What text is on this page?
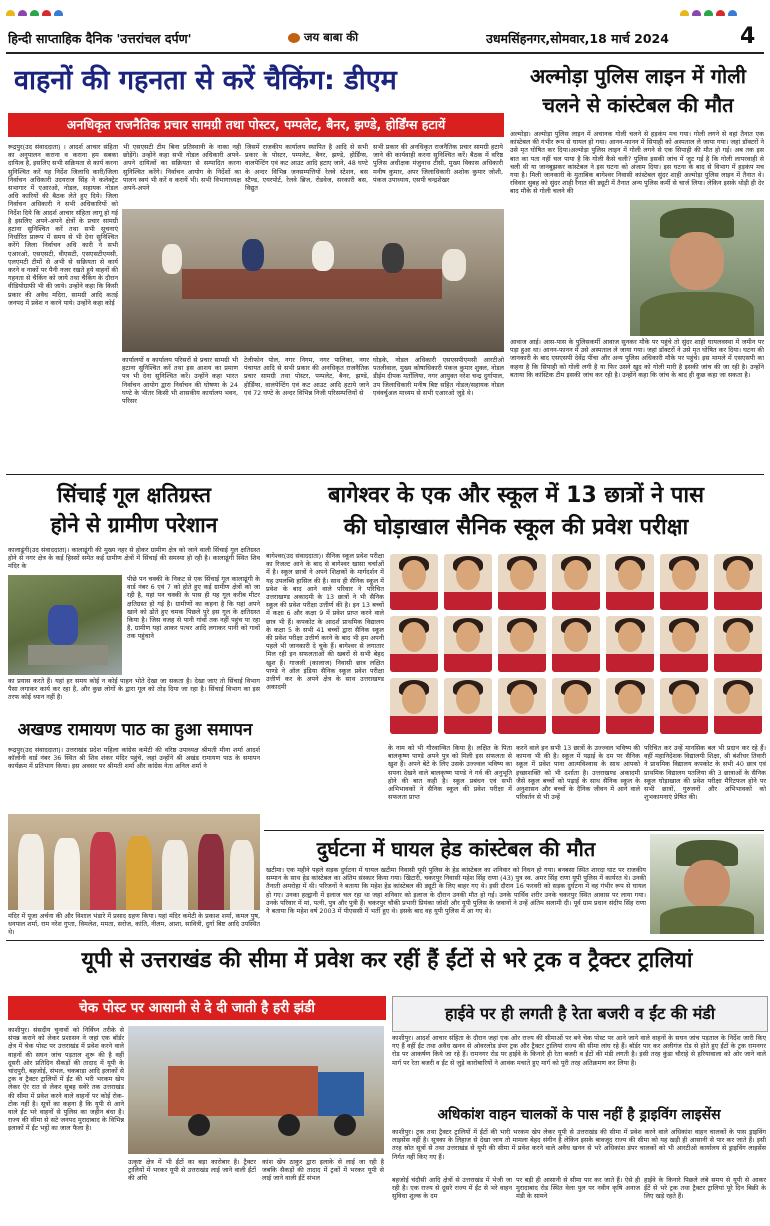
हिन्दी साप्ताहिक दैनिक 'उत्तरांचल दर्पण'	जय बाबा की	उधमसिंहनगर,सोमवार,18 मार्च 2024	4
वाहनों की गहनता से करें चैकिंग: डीएम
अनधिकृत राजनैतिक प्रचार सामग्री तथा पोस्टर, पम्पलेट, बैनर, झण्डे, होर्डिंग्स हटायें
रूद्रपुर(उद संवाददाता) । आदर्श आचार संहिता का अनुपालन कराना व कराना हम सबका दायित्व है, इसलिए सभी सक्रियता से कार्य करना सुनिश्चित करें यह निर्देश जिलाधि कारी/जिला निर्वाचन अधिकारी उदयराज सिंह ने कलेक्ट्रेट सभागार में एआरओ, नोडल, सहायक नोडल अधि कारियों की बैठक लेते हुए दिये। जिला निर्वाचन अधिकारी ने सभी अधिकारियों को निर्देश दिये कि आदर्श आचार संहिता लागू हो गई है इसलिए अपने-अपने क्षेत्रों के प्रचार सामग्री हटाना सुनिश्चित करें तथा सभी सूचनाएं निर्धारित प्रारूप में समय से भी देना सुनिश्चित करेंगे जिला निर्वाचन अधि कारी ने सभी एआरओ, एसएसटी, वीएसटी, एसएसटीएमसी, एलएमटी टीमों से अभी से सक्रियता से कार्य करने व नाकों पर पैनी नजर रखते हुये वाहनों की गहनता से चैकिंग को जाये तथा चैकिंग के दौरान वीडियोग्राफी भी की जाये। उन्होंने कहा कि किसी प्रकार की अवैध मदिरा, सामग्री आदि कतई जनपद में प्रवेश न करने पाये। उन्होंने कहा कोई
भी एसएसटी टीम बिना प्रतिस्थानी के नाका नही छोड़ेंगे। उन्होंने कहा सभी नोडल अधिकारी अपने-अपने दायित्वों का सक्रियता से सम्पादित करना सुनिश्चित करेंगे। निर्वाचन आयोग के निर्देशों का पालन स्वयं भी करें व करायें भी। सभी विभागाध्यक्ष अपने-अपने
जिसमें राजकीय कार्यालय स्थापित है आदि से सभी प्रकार के पोस्टर, पम्पलेट, बैनर, झण्डे, होर्डिंग्स, वालपेन्टिंग एवं कट आउट आदि हटाए जाने, 48 घण्टे के अन्दर विभिन्न जनसम्पत्तियों रेलवे स्टेशन, बस स्टैण्ड, एयरपोर्ट, रेलवे ब्रिज, रोडवेज, सरकारी बस, विद्युत
सभी प्रकार की अनधिकृत राजनैतिक प्रचार सामग्री हटाये जाने की कार्यवाही करना सुनिश्चित करें। बैठक में वरिष्ठ पुलिस अधीक्षक मंजुनाथ टीसी, मुख्य विकास अधिकारी मनीष कुमार, अपर जिलाधिकारी अशोक कुमार जोशी, पंकज उपाध्याय, एसपी चन्द्रशेखर
कार्यालयों व कार्यालय परिसरों से प्रचार सामग्री भी हटाना सुनिश्चित करें तथा इस आशय का प्रमाण पत्र भी देना सुनिश्चित करें। उन्होंने कहा भारत निर्वाचन आयोग द्वारा निर्वाचन की घोषणा के 24 घण्टे के भीतर किसी भी शासकीय कार्यालय भवन, परिसर
टेलीफोन पोल, नगर निगम, नगर पालिका, नगर पंचायत आदि से सभी प्रकार की अनधिकृत राजनैतिक प्रचार सामग्री तथा पोस्टर, पम्पलेट, बैनर, झण्डे, होर्डिंग्स, वालपेन्टिंग एवं कट आउट आदि हटाये जाने एवं 72 घण्टे के अन्दर विभिन्न निजी परिसम्पत्तियों से
घोड़के, नोडल अधिकारी एसएसपीएमसी आरटीओ पतलीवाल, मुख्य कोषाधिकारी पंकज कुमार शुक्ल, नोडल डीईम दीपक मर्तोलिया, नगर आयुक्त नरेश चन्द्र दुर्गापाल, उप जिलाधिकारी मनीष बिष्ट सहित नोडल/सहायक नोडल एवंवर्चुअल माध्यम से सभी एआरओ जुड़े थे।
अल्मोड़ा पुलिस लाइन में गोली
चलने से कांस्टेबल की मौत
अल्मोड़ा। अल्मोड़ा पुलिस लाइन में अचानक गोली चलने से हड़कंप मच गया। गोली लगने से वहां तैनात एक कांस्टेबल की गंभीर रूप से घायल हो गया। आनन-फानन में सिपाही को अस्पताल ले जाया गया। जहां डॉक्टरों ने उसे मृत घोषित कर दिया।अल्मोड़ा पुलिस लाइन में गोली लगने से एक सिपाही की मौत हो गई। अब तक इस बात का पता नहीं चल पाया है कि गोली कैसे चली? पुलिस इसकी जांच में जुट गई है कि गोली लापरवाही से चली थी या जानबूझकर कांस्टेबल ने इस घटना को अंजाम दिया। इस घटना के बाद से विभाग में हड़कंप मच गया है। मिली जानकारी के मुताबिक बागेश्वर निवासी कांस्टेबल सुंदर शाही अल्मोड़ा पुलिस लाइन में तैनात थे। रविवार सुबह को सुंदर शाही रैनात की ड्यूटी में तैनात अन्य पुलिस कर्मी से चार्ज लिया। लेकिन इसके थोड़ी ही देर बाद मौके से गोली चलने की
आवाज आई। आस-पास के पुलिसकर्मी आवाज सुनकर मौके पर पहुंचे तो सुंदर शाही घायलवस्था में जमीन पर पड़ा हुआ था। आनन-फानन में उसे अस्पताल ले जाया गया। जहां डॉक्टरों ने उसे मृत घोषित कर दिया। घटना की जानकारी के बाद एसएसपी देवेंद्र पींचा और अन्य पुलिस अधिकारी मौके पर पहुंचे। इस मामले में एसएसपी का कहना है कि सिपाही को गोली लगी है या फिर उसने खुद को गोली मारी है इसकी जांच की जा रही है। उन्होंने बताया कि कांस्टिक टीम इसकी जांच कर रही है। उन्होंने कहा कि जांच के बाद ही कुछ कहा जा सकता है।
सिंचाई गूल क्षतिग्रस्त
होने से ग्रामीण परेशान
कालाढूंगी(उद संवाददाता)। कालाढूंगी की मुख्य नहर से होकर ग्रामीण क्षेत्र को जाने वाली सिंचाई गूल क्षतिग्रस्त होने से नगर क्षेत्र के कई हिस्सों समेत कई ग्रामीण क्षेत्रों में सिंचाई की समस्या हो रही है। कालाढूंगी स्थित शिव मंदिर के
पीछे पन चक्की के निकट से एक सिंचाई गूल कालाढूंगी के वार्ड नंबर 6 एवं 7 को होते हुए कई ग्रामीण क्षेत्रों को जा रही है, यहां पन चक्की के पास ही यह गूल करीब मीटर क्षतिग्रस्त हो गई है। ग्रामीणों का कहना है कि यहां अपने खाने को ढोते हुए चमक पिछले पुरे इस गूल के क्षतिग्रस्त किया है। जिस वजह से पानी गांवों तक नहीं पहुंच पा रहा है, ग्रामीण यहां आकर पत्थर आदि लगाकर पानी को गावों तक पहुंचाने
का प्रयास करते हैं। यहां हर समय कोई न कोई पाहन भोते देखा जा सकता है। देखा जाए तो सिंचाई विभाग पैसा लगाकर कार्य कर रहा है, और कुछ लोगों के द्वारा गूल को तोड़ दिया जा रहा है। सिंचाई विभाग का इस तरफ कोई ध्यान नहीं है।
अखण्ड रामायण पाठ का हुआ समापन
रूद्रपुर(उद संवाददाता)। उत्तराखंड प्रदेश महिला कांग्रेस कमेटी की वरिष्ठ उपाध्यक्ष श्रीमती मीना शर्मा आदर्श कॉलोनी वार्ड नंबर 36 स्थित श्री शिव शंकर मंदिर पहुंचे, जहां उन्होंने श्री अखंड रामायण पाठ के समापन कार्यक्रम में प्रतिभाग किया। इस अवसर पर श्रीमती शर्मा और कांग्रेस नेता अनिल शर्मा ने
मंदिर में पूजा अर्चना की और विशाल भंडारे में प्रसाद ग्रहण किया। यहां मंदिर कमेटी के प्रकाश शर्मा, कमल पुष, धनपाल शर्मा, राम नरेश गुप्ता, विमलेश, ममता, सरोज, कांति, नीलम, आशा, सावित्री, दुर्गा बिष्ट आदि उपस्थित थे।
बागेश्वर के एक और स्कूल में 13 छात्रों ने पास
की घोड़ाखाल सैनिक स्कूल की प्रवेश परीक्षा
बागेश्वर(उद संवाददाता)। सैनिक स्कूल प्रवेश परीक्षा का रिजल्ट आने के बाद से बागेश्वर खासा चर्चाओं में है। स्कूल छात्रों ने अपने शिक्षकों के मार्गदर्शन में यह उपलब्धि हासिल की है। साथ ही सैनिक स्कूल में प्रवेश के बाद आने वाले परिवार ने परिचित उत्तराखण्ड अकादमी के 13 छात्रों ने भी सैनिक स्कूल की प्रवेश परीक्षा उत्तीर्ण की है। इन 13 बच्चों में कक्षा 6 और कक्षा 9 में प्रवेश प्राप्त करने वाले छात्र भी हैं। कपकोट के आदर्श प्राथमिक विद्यालय के कक्षा 5 के सभी 41 बच्चों द्वारा सैनिक स्कूल की प्रवेश परीक्षा उत्तीर्ण करने के बाद भी हम अपनी पहले भी जानकारी दे चुके हैं। बागेश्वर से लगातार मिल रही इन सफलताओं की खबरों से सभी बेहद खुश हैं। गाजली (कालाज) निवासी छात्र लक्षित पाण्डे ने ऑल इंडिया सैनिक स्कूल प्रवेश परीक्षा उत्तीर्ण कर के अपने क्षेत्र के साथ उत्तराखण्ड अकादमी
के नाम को भी गौरवान्वित किया है। लक्षित के पिता बालकृष्ण पाण्डे अपने पुत्र को मिली इस सफलता से खुश हैं। अपने बेटे के लिए उसके उज्ज्वल भविष्य का सपना देखने वाले बालकृष्ण पाण्डे ने गर्व की अनुभूति होने की बात कही है। स्कूल प्रबंधन एवं सभी अभिभावकों ने सैनिक स्कूल की प्रवेश परीक्षा में सफलता प्राप्त
करने वाले इन सभी 13 छात्रों के उज्ज्वल भविष्य की कामना भी की है। स्कूल में पढ़ाई के दम पर सैनिक स्कूल में प्रवेश पाना आत्मविश्वास के साथ आपको इच्छाशक्ति को भी दर्शाता है। उत्तराखण्ड अकादमी जैसे स्कूल बच्चों को पढ़ाई के साथ सैनिक स्कूल के अनुशासन और बच्चों के दैनिक जीवन में आने वाले परिवर्तन से भी उन्हें
परिचित कर उन्हें मानसिक बल भी प्रदान कर रहे हैं। वहीं महानिदेशक विद्यालयी शिक्षा, श्री बंशीधर तिवारी ने प्राथमिक विद्यालय कपकोट के सभी 40 छात्र एवं प्राथमिक विद्यालय पतलिया की 3 छात्राओं के सैनिक स्कूल घोड़ाखाल की प्रवेश परीक्षा मैरिटफल होने पर सभी छात्रों, गुरुजनों और अभिभावकों को शुभकामनाएं प्रेषित की।
दुर्घटना में घायल हेड कांस्टेबल की मौत
खटीमा। एक महीने पहले सड़क दुर्घटना में घायल खटीमा निवासी यूपी पुलिस के हेड कांस्टेबल का शनिवार को निधन हो गया। बनबसा स्थित शारदा घाट पर राजकीय सम्मान के साथ हेड कांस्टेबल का अंतिम संस्कार किया गया। खिटारी, चकरपुर निवासी महेश सिंह राणा (43) पुत्र स्व. अमर सिंह राणा यूपी पुलिस में कार्यरत थे। उनकी तैनाती अमरोहा में थी। परिजनों ने बताया कि महेश हेड कांस्टेबल की ड्यूटी के लिए बाहर गए थे। इसी दौरान 16 फरवरी को सड़क दुर्घटना में वह गंभीर रूप से घायल हो गए। उनका हल्द्वानी में इलाज चल रहा था जहां शनिवार को इलाज के दौरान उनकी मौत हो गई। उनके पार्थिव शरीर उनके चकरपुर स्थित आवास पर लाया गया। उनके परिवार में मां, पत्नी, पुत्र और पुत्री हैं। चकरपुर चौकी प्रभारी प्रियंका जोशी और यूपी पुलिस के जवानों ने उन्हें अंतिम सलामी दी। पूर्व ग्राम प्रधान संदीप सिंह राणा ने बताया कि महेश वर्ष 2003 में पीएससी में भर्ती हुए थे। इसके बाद वह यूपी पुलिस में आ गए थे।
यूपी से उत्तराखंड की सीमा में प्रवेश कर रहीं हैं ईंटों से भरे ट्रक व ट्रैक्टर ट्रालियां
चेक पोस्ट पर आसानी से दे दी जाती है हरी झंडी
काशीपुर। संसदीय चुनावों को निर्विघ्न तरीके से संपन्न कराने को लेकर प्रशासन ने जहां एक बॉर्डर क्षेत्र में चेक पोस्ट पर उत्तराखंड में प्रवेश करने वाले वाहनों की सघन जांच पड़ताल शुरू की है वहीं दूसरी ओर प्रतिदिन सैकड़ों की तादाद में यूपी के चांदपुरी, बहजोई, संभल, चकबाड़ा आदि इलाकों से ट्रक व ट्रैक्टर ट्रालियों में ईंट की भरी भरकम खेप लेकर ऐर रात से लेकर सुबह सवेरे तक उत्तराखंड की सीमा में प्रवेश करने वाले वाहनों पर कोई रोक-टोक नहीं है। सूत्रों का कहना है कि यूपी से आने वाले ईंट भरे वाहनों से पुलिस का जहीन बंधा है। राज्य की सीमा से सटे जनपद मुरादाबाद के विभिन्न इलाकों में ईंट भट्ठों का जाल फैला है।
उत्कृष्ट क्षेत्र में भी ईंटों का बड़ा कारोबार है। ट्रैक्टर ट्रालियों में भरकर यूपी से उत्तराखंड लाई जाने वाली ईंटों की अधि
कांश खेप ठाकुर द्वारा इलाके से लाई जा रही है जबकि सैकड़ों की तादाद में ट्रकों में भरकर यूपी से लाई जाने वाली ईंटें संभल
हाईवे पर ही लगती है रेता बजरी व ईंट की मंडी
काशीपुर। आदर्श आचार संहिता के दौरान जहां एक ओर राज्य की सीमाओं पर बने चेक पोस्ट पर आने जाने वाले वाहनों के सघन जांच पड़ताल के निर्देश जारी किए गए हैं वहीं ईंट तथा अवैध खनन से ओवरलोड डंपर ट्रक और ट्रैक्टर ट्रालियां राज्य की सीमा लांघ रहे हैं। बॉर्डर पार कर अलीगंज रोड से होते हुए ईंटों के ट्रक रामनगर रोड पर आकर्षण किये जा रहे हैं। रामनगर रोड पर हाईवे के किनारे ही रेता बजरी व ईंटों की मंडी लगती है। इसी तरह कुंडा चौराहे से हरियावाला को ओर जाने वाले मार्ग पर रेता बजरी व ईंट से जुड़े कारोबारियों ने आवंक मचाते हुए मार्ग को पूरी तरह अतिक्रमण कर लिया है।
अधिकांश वाहन चालकों के पास नहीं है ड्राइविंग लाइसेंस
काशीपुर। ट्रक तथा ट्रैक्टर ट्रालियों में ईंटों की भारी भरकम खेप लेकर यूपी से उत्तराखंड की सीमा में प्रवेश करने वाले अधिकांश वाहन चालकों के पास ड्राइविंग लाइसेंस नहीं है। सूत्रका के लिहाज से देखा जाय तो मामला बेहद संगीन है लेकिन इसके बावजूद राज्य की सीमा को यह खड़ी ही आसानी से पार कर जाते हैं। इसी तरह स्रोत सूत्रों से तथा उत्तराखंड से यूपी की सीमा में प्रवेश करने वाले अवैध खनन से भरे अधिकांश डंपर चालकों को भी आरटीओ कार्यालय से ड्राइविंग लाइसेंस निर्गत नहीं किए गए हैं।
बहजोई चंदौसी आदि क्षेत्रों से उत्तराखंड में भेजी जा रही है। एक राज्य से दूसरे राज्य में ईंट से भरे वाहन सुविधा शुल्क के दम
पर बड़ी ही आसानी से सीमा पार कर जाते हैं। ऐसे ही मुरादाबाद रोड स्थित वेला पुल पर नवीन कृषि अनाज मंडी के सामने
हाईवे के किनारे पिछले लंबे समय से यूपी से आकर ईंटें से भरे ट्रक तथा ट्रैक्टर ट्रालियां पूरे दिन बिक्री के लिए खड़े रहते हैं।
